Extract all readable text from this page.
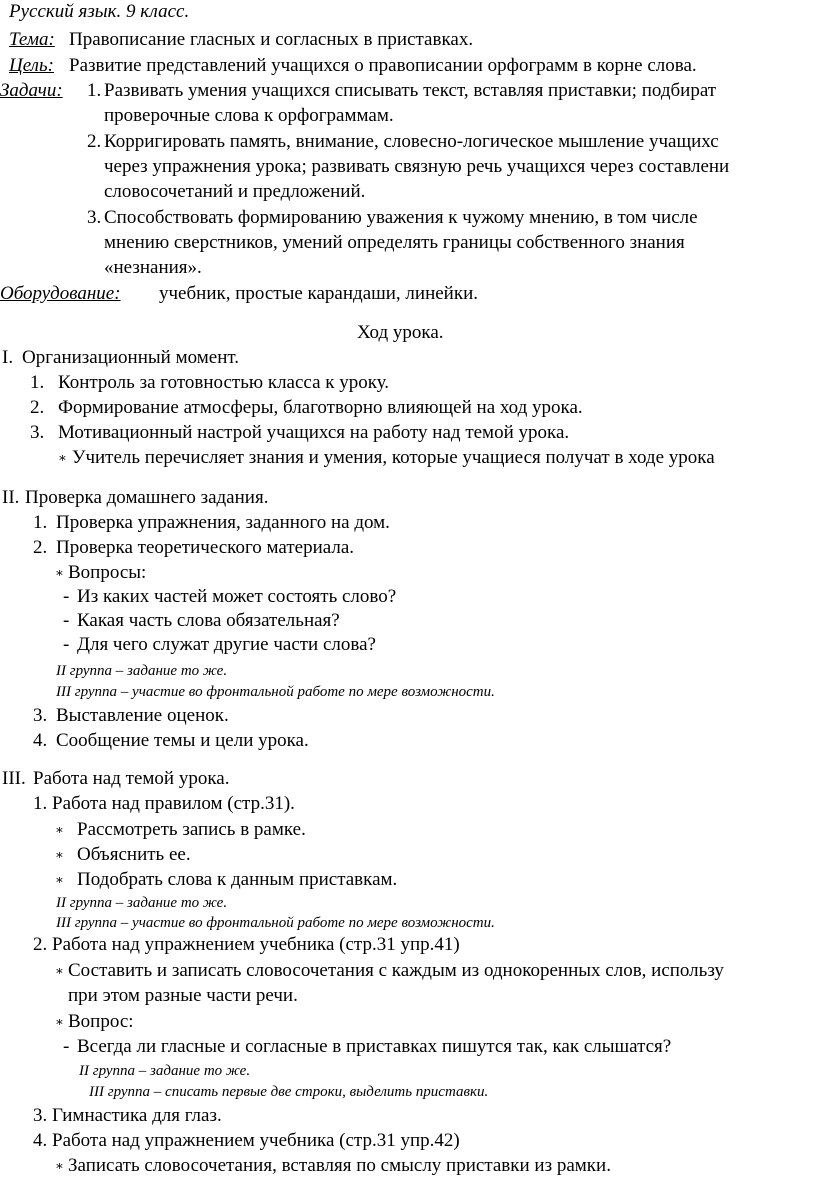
Русский язык. 9 класс.
Тема: Правописание гласных и согласных в приставках.
Цель: Развитие представлений учащихся о правописании орфограмм в корне слова.
Задачи: 1. Развивать умения учащихся списывать текст, вставляя приставки; подбират
проверочные слова к орфограммам.
2. Корригировать память, внимание, словесно-логическое мышление учащихс
через упражнения урока; развивать связную речь учащихся через составлени
словосочетаний и предложений.
3. Способствовать формированию уважения к чужому мнению, в том числе
мнению сверстников, умений определять границы собственного знания
«незнания».
Оборудование: учебник, простые карандаши, линейки.
Ход урока.
I. Организационный момент.
1. Контроль за готовностью класса к уроку.
2. Формирование атмосферы, благотворно влияющей на ход урока.
3. Мотивационный настрой учащихся на работу над темой урока.
∗ Учитель перечисляет знания и умения, которые учащиеся получат в ходе урока
II. Проверка домашнего задания.
1. Проверка упражнения, заданного на дом.
2. Проверка теоретического материала.
∗ Вопросы:
- Из каких частей может состоять слово?
- Какая часть слова обязательная?
- Для чего служат другие части слова?
II группа – задание то же.
III группа – участие во фронтальной работе по мере возможности.
3. Выставление оценок.
4. Сообщение темы и цели урока.
III. Работа над темой урока.
1. Работа над правилом (стр.31).
∗ Рассмотреть запись в рамке.
∗ Объяснить ее.
∗ Подобрать слова к данным приставкам.
II группа – задание то же.
III группа – участие во фронтальной работе по мере возможности.
2. Работа над упражнением учебника (стр.31 упр.41)
∗ Составить и записать словосочетания с каждым из однокоренных слов, использу
при этом разные части речи.
∗ Вопрос:
- Всегда ли гласные и согласные в приставках пишутся так, как слышатся?
II группа – задание то же.
III группа – списать первые две строки, выделить приставки.
3. Гимнастика для глаз.
4. Работа над упражнением учебника (стр.31 упр.42)
∗ Записать словосочетания, вставляя по смыслу приставки из рамки.
